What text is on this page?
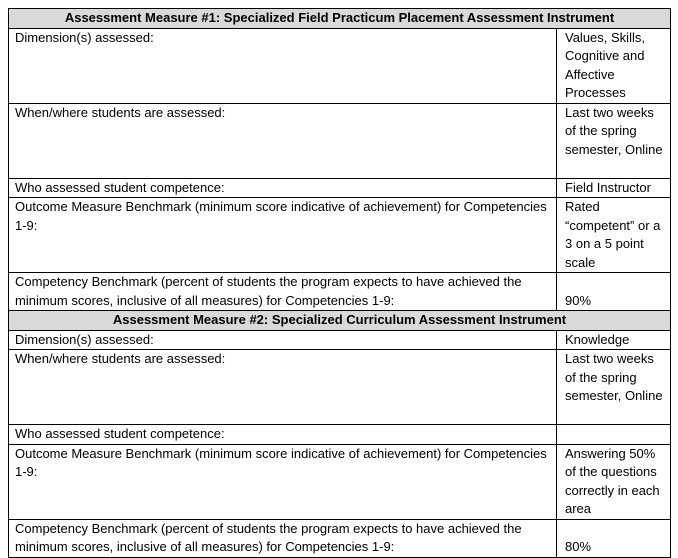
Assessment Measure #1: Specialized Field Practicum Placement Assessment Instrument	
Dimension(s) assessed:	Values, Skills, Cognitive and Affective Processes
When/where students are assessed:	Last two weeks of the spring semester, Online
Who assessed student competence:	Field Instructor
Outcome Measure Benchmark (minimum score indicative of achievement) for Competencies 1-9:	Rated “competent” or a 3 on a 5 point scale
Competency Benchmark (percent of students the program expects to have achieved the minimum scores, inclusive of all measures) for Competencies 1-9:	90%
Assessment Measure #2: Specialized Curriculum Assessment Instrument	
Dimension(s) assessed:	Knowledge
When/where students are assessed:	Last two weeks of the spring semester, Online
Who assessed student competence:	
Outcome Measure Benchmark (minimum score indicative of achievement) for Competencies 1-9:	Answering 50% of the questions correctly in each area
Competency Benchmark (percent of students the program expects to have achieved the minimum scores, inclusive of all measures) for Competencies 1-9:	80%
